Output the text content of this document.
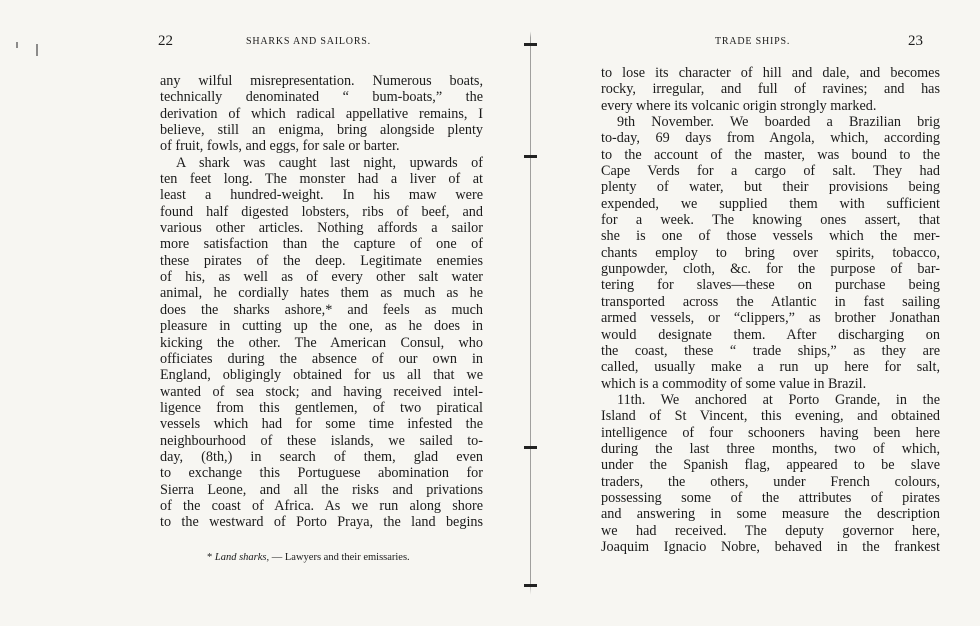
22	SHARKS AND SAILORS.
any wilful misrepresentation. Numerous boats,
technically denominated “ bum-boats,” the
derivation of which radical appellative remains, I
believe, still an enigma, bring alongside plenty
of fruit, fowls, and eggs, for sale or barter.
A shark was caught last night, upwards of
ten feet long. The monster had a liver of at
least a hundred-weight. In his maw were
found half digested lobsters, ribs of beef, and
various other articles. Nothing affords a sailor
more satisfaction than the capture of one of
these pirates of the deep. Legitimate enemies
of his, as well as of every other salt water
animal, he cordially hates them as much as he
does the sharks ashore,* and feels as much
pleasure in cutting up the one, as he does in
kicking the other. The American Consul, who
officiates during the absence of our own in
England, obligingly obtained for us all that we
wanted of sea stock; and having received intel-
ligence from this gentlemen, of two piratical
vessels which had for some time infested the
neighbourhood of these islands, we sailed to-
day, (8th,) in search of them, glad even
to exchange this Portuguese abomination for
Sierra Leone, and all the risks and privations
of the coast of Africa. As we run along shore
to the westward of Porto Praya, the land begins
* Land sharks, — Lawyers and their emissaries.
TRADE SHIPS.	23
to lose its character of hill and dale, and becomes
rocky, irregular, and full of ravines; and has
every where its volcanic origin strongly marked.
9th November. We boarded a Brazilian brig
to-day, 69 days from Angola, which, according
to the account of the master, was bound to the
Cape Verds for a cargo of salt. They had
plenty of water, but their provisions being
expended, we supplied them with sufficient
for a week. The knowing ones assert, that
she is one of those vessels which the mer-
chants employ to bring over spirits, tobacco,
gunpowder, cloth, &c. for the purpose of bar-
tering for slaves—these on purchase being
transported across the Atlantic in fast sailing
armed vessels, or “clippers,” as brother Jonathan
would designate them. After discharging on
the coast, these “ trade ships,” as they are
called, usually make a run up here for salt,
which is a commodity of some value in Brazil.
11th. We anchored at Porto Grande, in the
Island of St Vincent, this evening, and obtained
intelligence of four schooners having been here
during the last three months, two of which,
under the Spanish flag, appeared to be slave
traders, the others, under French colours,
possessing some of the attributes of pirates
and answering in some measure the description
we had received. The deputy governor here,
Joaquim Ignacio Nobre, behaved in the frankest
